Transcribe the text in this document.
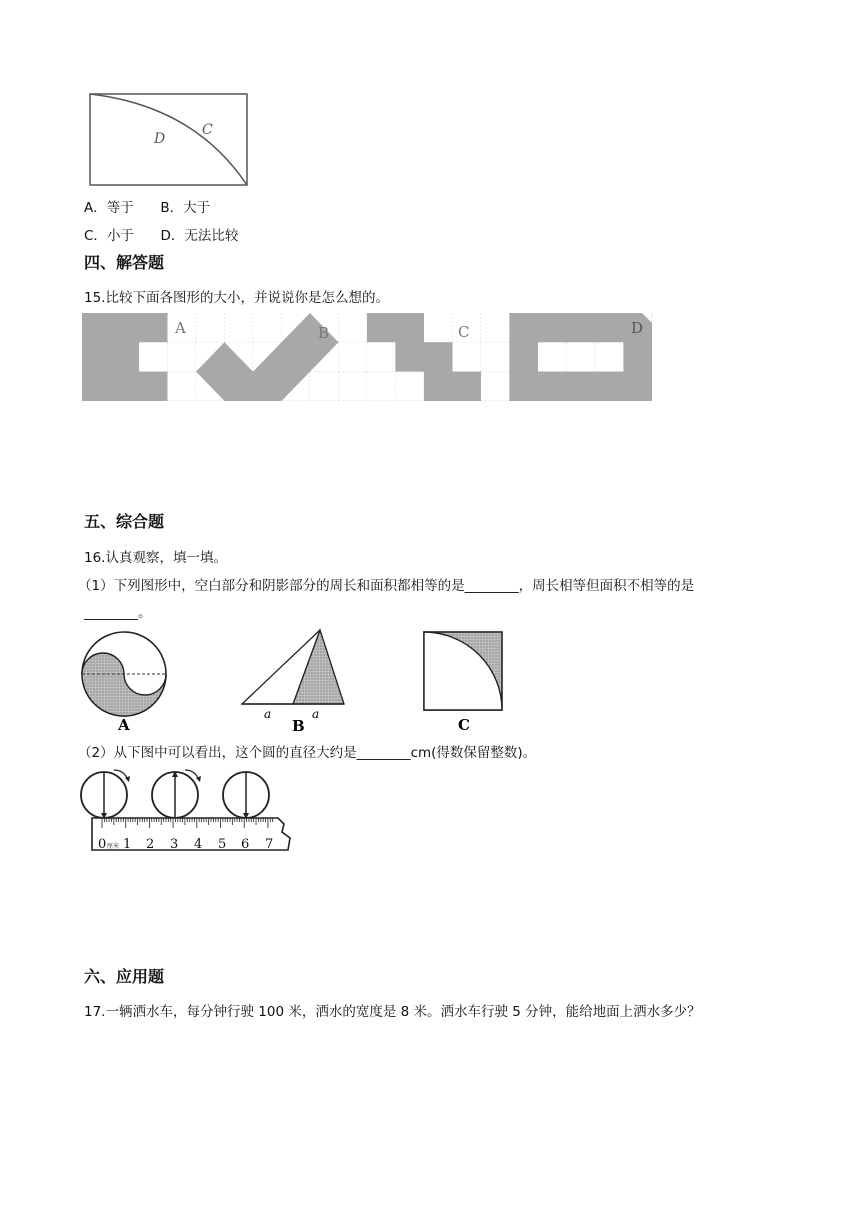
D
C
A．等于 B．大于
C．小于 D．无法比较
四、解答题
15.比较下面各图形的大小，并说说你是怎么想的。
A	B	C	D
五、综合题
16.认真观察，填一填。
（1）下列图形中，空白部分和阴影部分的周长和面积都相等的是________，周长相等但面积不相等的是
________。
A
a	a
B	C
（2）从下图中可以看出，这个圆的直径大约是________cm(得数保留整数)。
0 厘米 1 2 3 4 5 6 7
六、应用题
17.一辆洒水车，每分钟行驶 100 米，洒水的宽度是 8 米。洒水车行驶 5 分钟，能给地面上洒水多少？
